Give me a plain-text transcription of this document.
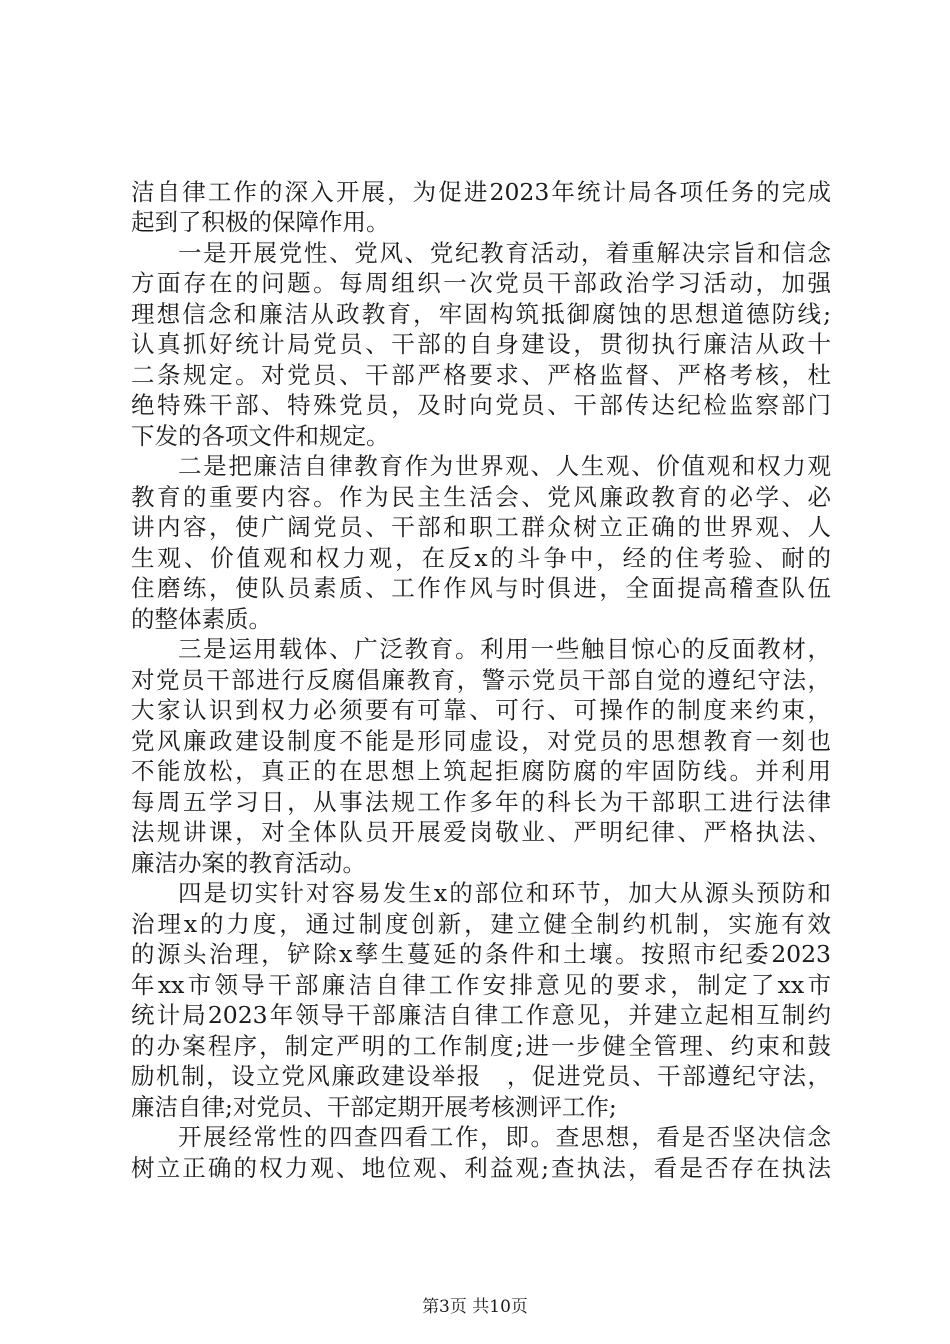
洁自律工作的深入开展，为促进2023年统计局各项任务的完成
起到了积极的保障作用。
一是开展党性、党风、党纪教育活动，着重解决宗旨和信念
方面存在的问题。每周组织一次党员干部政治学习活动，加强
理想信念和廉洁从政教育，牢固构筑抵御腐蚀的思想道德防线;
认真抓好统计局党员、干部的自身建设，贯彻执行廉洁从政十
二条规定。对党员、干部严格要求、严格监督、严格考核，杜
绝特殊干部、特殊党员，及时向党员、干部传达纪检监察部门
下发的各项文件和规定。
二是把廉洁自律教育作为世界观、人生观、价值观和权力观
教育的重要内容。作为民主生活会、党风廉政教育的必学、必
讲内容，使广阔党员、干部和职工群众树立正确的世界观、人
生观、价值观和权力观，在反x的斗争中，经的住考验、耐的
住磨练，使队员素质、工作作风与时俱进，全面提高稽查队伍
的整体素质。
三是运用载体、广泛教育。利用一些触目惊心的反面教材，
对党员干部进行反腐倡廉教育，警示党员干部自觉的遵纪守法，
大家认识到权力必须要有可靠、可行、可操作的制度来约束，
党风廉政建设制度不能是形同虚设，对党员的思想教育一刻也
不能放松，真正的在思想上筑起拒腐防腐的牢固防线。并利用
每周五学习日，从事法规工作多年的科长为干部职工进行法律
法规讲课，对全体队员开展爱岗敬业、严明纪律、严格执法、
廉洁办案的教育活动。
四是切实针对容易发生x的部位和环节，加大从源头预防和
治理x的力度，通过制度创新，建立健全制约机制，实施有效
的源头治理，铲除x孳生蔓延的条件和土壤。按照市纪委2023
年xx市领导干部廉洁自律工作安排意见的要求，制定了xx市
统计局2023年领导干部廉洁自律工作意见，并建立起相互制约
的办案程序，制定严明的工作制度;进一步健全管理、约束和鼓
励机制，设立党风廉政建设举报　，促进党员、干部遵纪守法，
廉洁自律;对党员、干部定期开展考核测评工作;
开展经常性的四查四看工作，即。查思想，看是否坚决信念
树立正确的权力观、地位观、利益观;查执法，看是否存在执法
第3页 共10页
